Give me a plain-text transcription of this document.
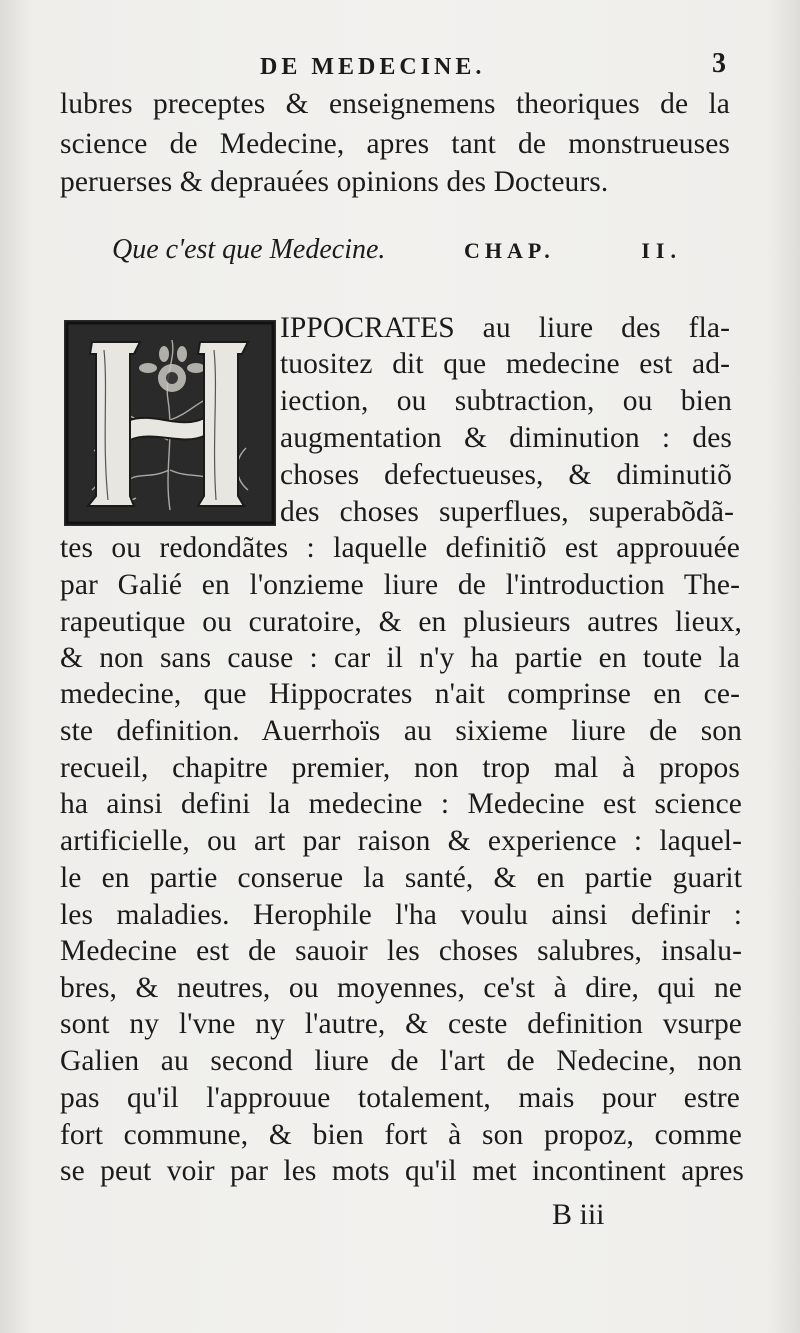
DE MEDECINE.	3
lubres preceptes & enseignemens theoriques de la
science de Medecine, apres tant de monstrueuses
peruerses & deprauées opinions des Docteurs.
Que c'est que Medecine.	CHAP.	II.
IPPOCRATES au liure des fla-
tuositez dit que medecine est ad-
iection, ou subtraction, ou bien
augmentation & diminution : des
choses defectueuses, & diminutiõ
des choses superflues, superabõdã-
tes ou redondãtes : laquelle definitiõ est approuuée
par Galié en l'onzieme liure de l'introduction The-
rapeutique ou curatoire, & en plusieurs autres lieux,
& non sans cause : car il n'y ha partie en toute la
medecine, que Hippocrates n'ait comprinse en ce-
ste definition. Auerrhoïs au sixieme liure de son
recueil, chapitre premier, non trop mal à propos
ha ainsi defini la medecine : Medecine est science
artificielle, ou art par raison & experience : laquel-
le en partie conserue la santé, & en partie guarit
les maladies. Herophile l'ha voulu ainsi definir :
Medecine est de sauoir les choses salubres, insalu-
bres, & neutres, ou moyennes, ce'st à dire, qui ne
sont ny l'vne ny l'autre, & ceste definition vsurpe
Galien au second liure de l'art de Nedecine, non
pas qu'il l'approuue totalement, mais pour estre
fort commune, & bien fort à son propoz, comme
se peut voir par les mots qu'il met incontinent apres
B iii
